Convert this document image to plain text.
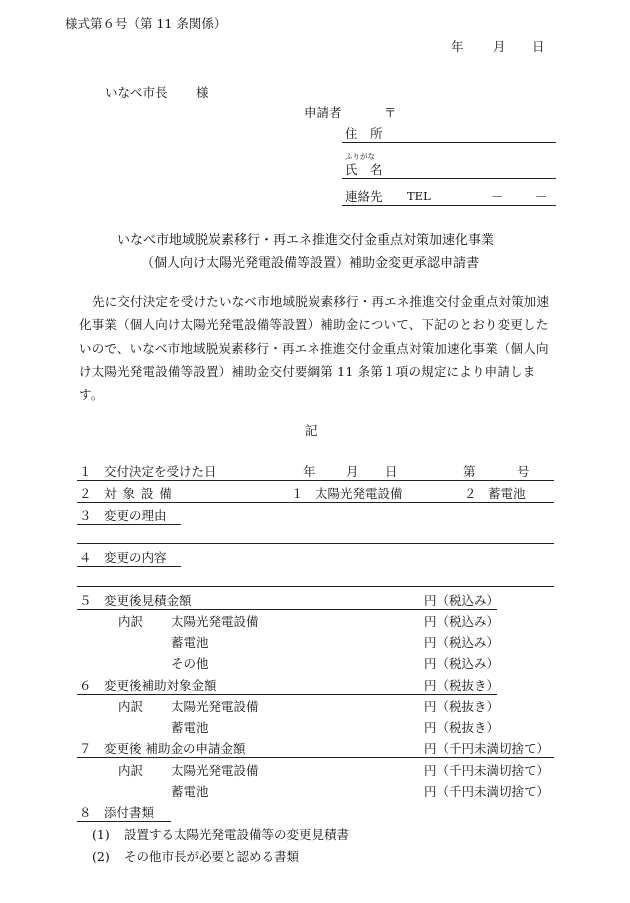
様式第６号（第 11 条関係）
年 月 日
いなべ市長 様
申請者	〒
住　所
ふりがな
氏　名
連絡先 TEL	－	－
いなべ市地域脱炭素移行・再エネ推進交付金重点対策加速化事業
（個人向け太陽光発電設備等設置）補助金変更承認申請書
先に交付決定を受けたいなべ市地域脱炭素移行・再エネ推進交付金重点対策加速化事業（個人向け太陽光発電設備等設置）補助金について、下記のとおり変更したいので、いなべ市地域脱炭素移行・再エネ推進交付金重点対策加速化事業（個人向け太陽光発電設備等設置）補助金交付要綱第 11 条第１項の規定により申請します。
記
１ 交付決定を受けた日	年 月 日	第	号
２ 対 象 設 備	１ 太陽光発電設備	２ 蓄電池
３ 変更の理由
４ 変更の内容
５ 変更後見積金額	円（税込み）
内訳 太陽光発電設備	円（税込み）
蓄電池	円（税込み）
その他	円（税込み）
６ 変更後補助対象金額	円（税抜き）
内訳 太陽光発電設備	円（税抜き）
蓄電池	円（税抜き）
７ 変更後 補助金の申請金額	円（千円未満切捨て）
内訳 太陽光発電設備	円（千円未満切捨て）
蓄電池	円（千円未満切捨て）
８ 添付書類
(1) 設置する太陽光発電設備等の変更見積書
(2) その他市長が必要と認める書類
